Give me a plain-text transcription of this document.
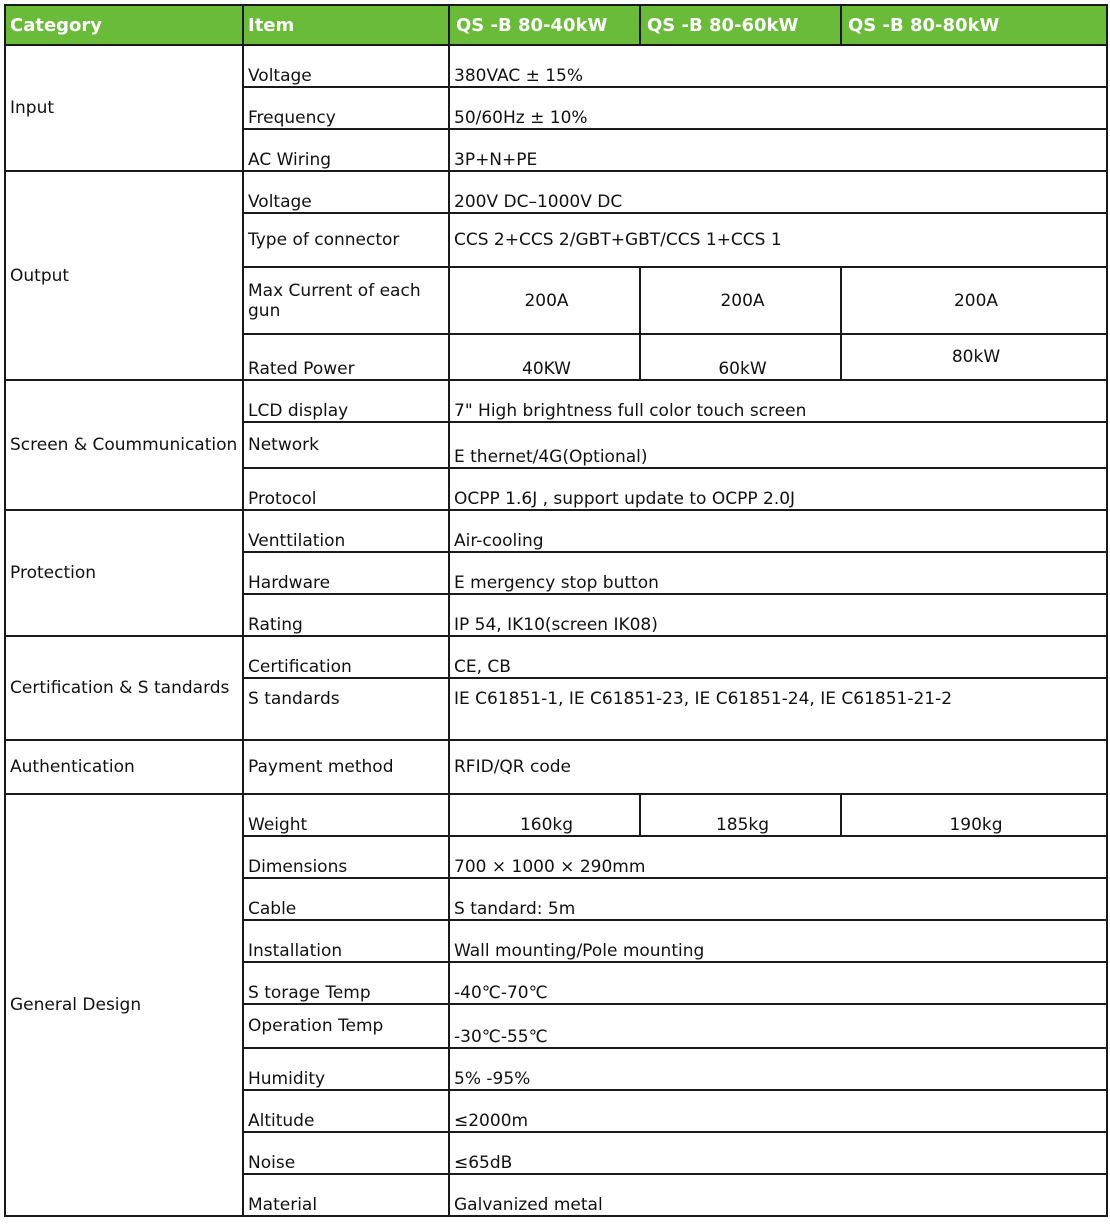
Category	Item	QS -B 80-40kW	QS -B 80-60kW	QS -B 80-80kW
Input	Voltage	380VAC ± 15%		
	Frequency	50/60Hz ± 10%		
	AC Wiring	3P+N+PE		
Output	Voltage	200V DC–1000V DC		
	Type of connector	CCS 2+CCS 2/GBT+GBT/CCS 1+CCS 1		
	Max Current of each gun	200A	200A	200A
	Rated Power	40KW	60kW	80kW
Screen & Coummunication	LCD display	7" High brightness full color touch screen		
	Network	E thernet/4G(Optional)		
	Protocol	OCPP 1.6J , support update to OCPP 2.0J		
Protection	Venttilation	Air-cooling		
	Hardware	E mergency stop button		
	Rating	IP 54, IK10(screen IK08)		
Certification & S tandards	Certification	CE, CB		
	S tandards	IE C61851-1, IE C61851-23, IE C61851-24, IE C61851-21-2		
Authentication	Payment method	RFID/QR code		
General Design	Weight	160kg	185kg	190kg
	Dimensions	700 × 1000 × 290mm		
	Cable	S tandard: 5m		
	Installation	Wall mounting/Pole mounting		
	S torage Temp	-40℃-70℃		
	Operation Temp	-30℃-55℃		
	Humidity	5% -95%		
	Altitude	≤2000m		
	Noise	≤65dB		
	Material	Galvanized metal		
